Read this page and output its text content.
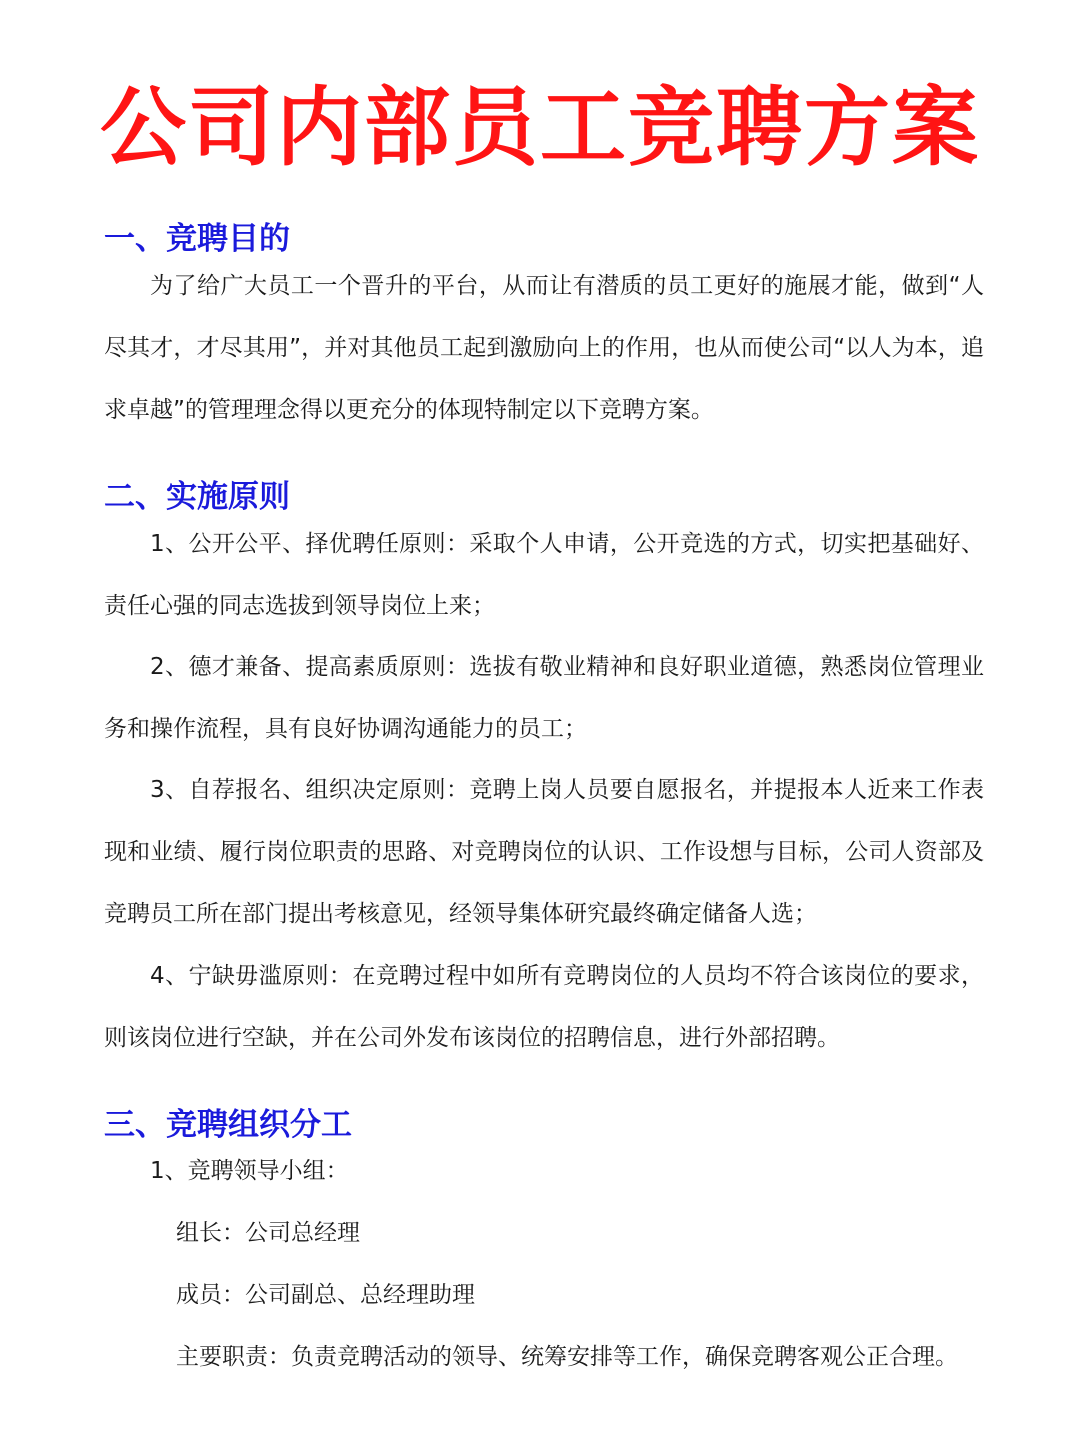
公司内部员工竞聘方案
一、竞聘目的
为了给广大员工一个晋升的平台，从而让有潜质的员工更好的施展才能，做到“人尽其才，才尽其用”，并对其他员工起到激励向上的作用，也从而使公司“以人为本，追求卓越”的管理理念得以更充分的体现特制定以下竞聘方案。
二、实施原则
1、公开公平、择优聘任原则：采取个人申请，公开竞选的方式，切实把基础好、责任心强的同志选拔到领导岗位上来；
2、德才兼备、提高素质原则：选拔有敬业精神和良好职业道德，熟悉岗位管理业务和操作流程，具有良好协调沟通能力的员工；
3、自荐报名、组织决定原则：竞聘上岗人员要自愿报名，并提报本人近来工作表现和业绩、履行岗位职责的思路、对竞聘岗位的认识、工作设想与目标，公司人资部及竞聘员工所在部门提出考核意见，经领导集体研究最终确定储备人选；
4、宁缺毋滥原则：在竞聘过程中如所有竞聘岗位的人员均不符合该岗位的要求，则该岗位进行空缺，并在公司外发布该岗位的招聘信息，进行外部招聘。
三、竞聘组织分工
1、竞聘领导小组：
组长：公司总经理
成员：公司副总、总经理助理
主要职责：负责竞聘活动的领导、统筹安排等工作，确保竞聘客观公正合理。
